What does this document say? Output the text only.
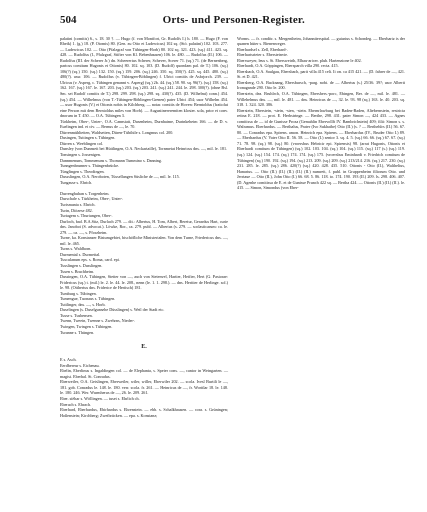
504	Orts- und Personen-Register.

palatini (comitis) 6., s. 18. 30 †. — Hugo (f. von Montfort, Gr. Rudolfs I.) h. 180. — Hugo (F. von Rheik) 1. (g.) 18. (P. Otomis) 80. (Gen. zu Otto et Ludewicus) 102 sq. (Stö. palatini) 102. 103. 277. — Ludewicus 102. — Otto (Pfalzgraf von Tübingen-Horb) 80. 102 sq. 321. 423. (sq.) 411. 423. sq. 428. — Rudolfus (I., Pfalzgraf, Stifter von Kl. Bebenhausen) 106. le. 480. — Rudolfus (II.) 106. — Rudolfus (III. der Scherer Jr.) dn. Scheerertus Scherer, Schever, Scerer 71. (sq.) 71. (de Bernenberg, paricus comitum Hugonis et Ottonis) 80. 102. sq. 103. (D. Rudolf) quondam pal. de T.) 106. (sq.) 106(?) (sq.) 150. (sq.) 132. 150. (sq.) 159. 206. (sq.) 246. 350. sq. 350(?). 425. sq. 445. 480. (sq.) 480(?). ussr. 106. — Rudolfus (v. Tübingen-Böblingen) f. Ulrici comitis de Asbrjorch. 239. — Ulricus (v. Asperg, c. Tübingen genannt v. Asperg) (sq.) 2b. 44. (sq.) 58. 90. sq. 96(?). (sq.) 158. (sq.) 162. 167. (sq.) 167. le. 167. 203. (sq.) 203. (sq.) 203. 241. (sq.) 241. 244. le. 298. 300(?). (ohne Bsl. Sm. sei Rudolf comitis de T.) 298. 299. 298. (sq.) 298. sq. 430(?). 435. (D. Wilhelmi) conn.) 454. (sq.) 454. — Wilhelmus (von T.-Tübingen-Böblingen-Grenen) pater Ulrici 454; usor Wilhelm 454. — usor Hugonis (V.) et Ottonis nobis in Kilchberg. — notar. comitis de Hoven: Berntoldus (fratiolut eine Person mit dem Berntoldus miles von Horb). — Augustinereremiten kloster. sola, prior et conv. dnorum in T. 450. — O.A. Tübingen 3.
Türkheim, Ober-, Unter-, O.A. Cannstatt, Dusenheim, Durnhaime, Durinkeheim 166. — de D. v. Euelingen ind. et civ. — Bernus de —, le. 70.
Dürrenmühltetten, Waldsetten, Düren-Tübihile s. Longmus col. 200.
Dusingen, Tuttingen s. Tübingen.
Dürren s. Weeblingen col.
Dunsley (von Dunnseit bei Hüttlingen, O.A. Neckartaille), Tornmeiat Heinricus dns. —, mil. le. 181.
Tonsingen s. Jossenigen.
Dannmenuns, Tommenuns s. Thomann Tummino s. Danning.
Tunngenbrunner s. Thüngenbrücke.
Tünglingen s. Theodingen.
Dussslingen, O.A. Neroboten, Tüssellangen Süsliche de —, mil. le. 115.
Tungasse s. Ehrich.

Durrenghuhan s. Torgenheim.
Durschale s. Türkheim, Ober-, Unter-.
Turismania s. Ehrich.
Turin, Diözese 482.
Turtagem s. Thurtungen, Ober-.
Durloch, bad. B.A.Sitz, Durlach 279. — dit.: Albertus, H. Tom, Albert, Bereiur, Gerardus Hart, curie dns. Janoboi (S. advocat.). Löwke, Ror., ca. 279. publ. — Albertus (s. 279. — scolasticarum: ca. le. 279. — ca. —, s. Pforzheim.
Turne, ka. Konstanzer Bistumgebiet, bischöfliche Ministerialen. Von dem Turne, Friedericus dns. —, mil. le. 465.
Turns s. Waldhorn.
Durmental s. Durmettal.
Tusculanum eps. s. Roma, card. epi.
Tusslingen s. Dusslingen.
Tusen s. Bruchheim.
Dussingen, O.A. Tübingen, Stetter von —, auch von Stetenvel, Hartier, Hetfier, Hert (G. Pastorae: Fridericus (sq.) t. (mil.) le. 2. le. 44. le. 208., nenn (le. 1. 1. 298.). — dns. Heritier de Herlinge. sol.) le. 98. (Ottherius dns. Friderice de Hertisch) 181.
Tumburg s. Tübingen.
Tumengue, Tuonaus s. Tübingen.
Tuttlinger, dns. —, s. Horb.
Duselingen (s. Duselgunsehe Düsslingen) s. Weil der Stadt etc.
Tusse s. Tusbensen.
Twenn, Tweein, Twenne s. Zwehrns, Nieder-.
Twingen, Twingen s. Tübingen.
Turanne s. Thüngen.

E.

E s. Asch.
Eerdbereur s. Eichenau.
Ebelin, Eberlinus s. Ingaldingen col. — de Elephanta, s. Speier cons. —, cantor in Weingarten. — magist. Eberhal. St. Conradus.
Eberweiler, O.A. Geislingen, Eberweiler, wiler, willer, Eberwiler 202. — scola. Ivesl Burtili le —, 181. gob. Conradus le. 148. le. 180. verr. scola. fr. 261. — Heinricus de —, fr. Worttlar 18. le. 148. le. 180. 246. Wer. Wurmherus de —, 26. le. 209. 261.
Eber. siëhar s. Wöllingen. — tuset s. Ehrlich ch.
Eberach s. Ehrach.
Eberhard, Eberhardus, Ebirhardus s. Ehrenstein. — ebb. s. Schalkhausen. — cora. s. Grüningen; Hoßenstein; Kirchberg; Zweibrücken. — epa. s. Konstanz;

Worms. — fr. conditr. s. Mergentheim, Johanniterspital. — guiarius s. Schondeg. — Eberhartz is der quanen hüter s. Bienenweger.
Eberhardsel s. Zell, Eberhard-.
Eberhartsrieter s. Ebersteinvie.
Ebersweyer, leus s. St. Ebersweirth, Elbau-aricer. plub. Hartenzione le 402.
Eberhardt, O.A. Göppingen, Ebersparch villa 290. recta. 415.
Ebersbach, O.A. Saulgau, Ebersbach, parit villa 415 celi. Ii on. ca 415 421. — (D. fahrer de —, 421. St. et D. 421.
Ebersberg, O.A. Backnang, Ebersbursch, -parg. nobi. de — Albertus (s.) 25/36. 39?; usor Alberti Ironagande 290. Otto le. 200.
Eberstein, dea. Bruhlrch, O.A. Tübingen, Ebershers.-porc, Ebingen, Ber. de —, mil. le. 481. — Willehelmus dns. —, mil. le. 481. — dns. Heinricus de —, 32. le. 93. 98 (sq.) 163. le. 40. 203. sq. 318. 1. 324. 320. 386.
Eberstein, Eberstein, -stein, -sten, -stein. Ebernrlawburg bei Baden-Baden, Altebernstein, restricta retina E. 218. — prot. E. Herbstringe. — Berthe, 298. 431. pater Simon —, 424 433. — Agnes comitissa de — id de Gunisse Proza (Gemahlin Ebervollft IV. Bambrichstein) 409; filii: Simon s. s. Walramus. Eberhardus. — Berthalus, Prater (Ivo Sukhaibe) Otto (II.) (s. ? — Berthehlrs (II.) 56. 67. 80. — Conradus epa. Spirens. amon. Heinrich epa. Spirens. — Eberhardus (IV., Bruder Otto I.) 89. — Eberhardus (V. Vater Otto II. 56. 58. — Otto (I.) senior 3. sq. 4. 5. (sq.) 66. 66. (sq.) 67. 67. (sq.) 71. 78. 98. (sq.) 98. (sq.) 80. (vroersbus Hebricir epi. Spirensis) 98. (arrat Hugonis, Ottonis et Eberhardi comitum de Tübingen) (sq.) 102. 103. 104. (sq.) 104. (sq.) 115. (sq.) 117 (s.) (sq.) 119. (sq.) 124. (sq.) 154. 174. (sq.) 174. 174. (sq.) 175. (vroersbus Eminhardi v. Friedrich comitum de Tübingen) (sq.) 190. 192. (sq.) 194. (sq.) 213. 209. (sq.) 209. (sq.) 213/214. 216. (sq.) 217. 230. (sq.) 231. 285. le. 285. (sq.) 286. 420(?) (sq.) 420. 428. 435. 510. Ottonis - Otto (II.), Walthelius, Hanarius. — Otto (II.) (II.) (II.) (II.) (II.) numreit, f. publ. in Gruppenheim filiorum Otto. und Jerrtaue — Otto (II.), John Otto (I.) 66. 68. 5. 86. 118. to. 174. 190. 193 (II.) 209. ls. 298. 406. 407. (D. Agenhe comitissa de E. et de Gunisse Prunch 422 sq. — Bertha 424. — Ottonis (II.) (II.) (II.). le. 415. — Simon, Simondus (von Eber-
